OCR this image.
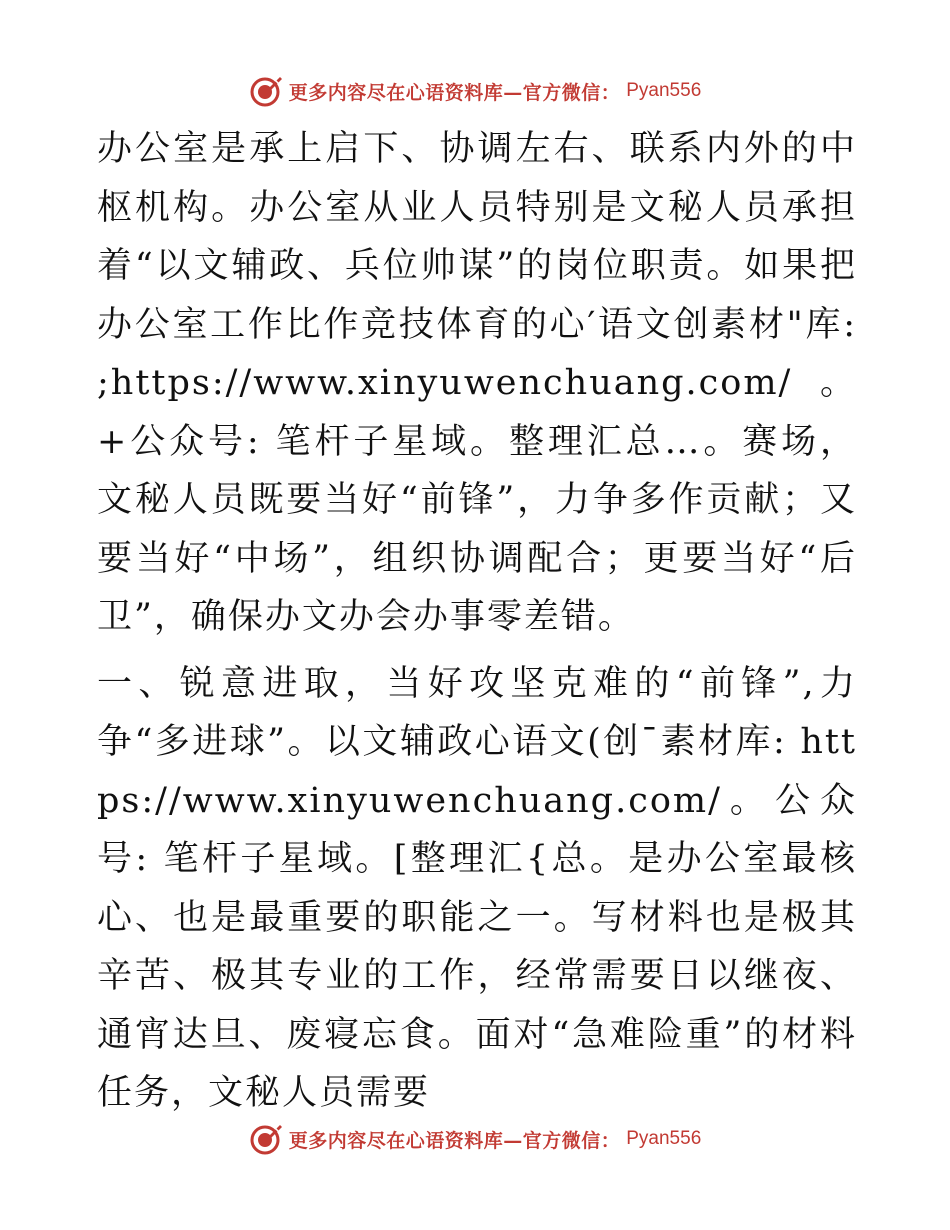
更多内容尽在心语资料库—官方微信： Pyan556

办公室是承上启下、协调左右、联系内外的中枢机构。办公室从业人员特别是文秘人员承担着“以文辅政、兵位帅谋”的岗位职责。如果把办公室工作比作竞技体育的心′语文创素材"库: ;https://www.xinyuwenchuang.com/。+公众号: 笔杆子星域。整理汇总…。赛场，文秘人员既要当好“前锋”，力争多作贡献；又要当好“中场”，组织协调配合；更要当好“后卫”，确保办文办会办事零差错。

一、锐意进取，当好攻坚克难的“前锋”,力争“多进球”。以文辅政心语文(创¯素材库: https://www.xinyuwenchuang.com/。公众号: 笔杆子星域。[整理汇{总。是办公室最核心、也是最重要的职能之一。写材料也是极其辛苦、极其专业的工作，经常需要日以继夜、通宵达旦、废寝忘食。面对“急难险重”的材料任务，文秘人员需要

更多内容尽在心语资料库—官方微信： Pyan556
